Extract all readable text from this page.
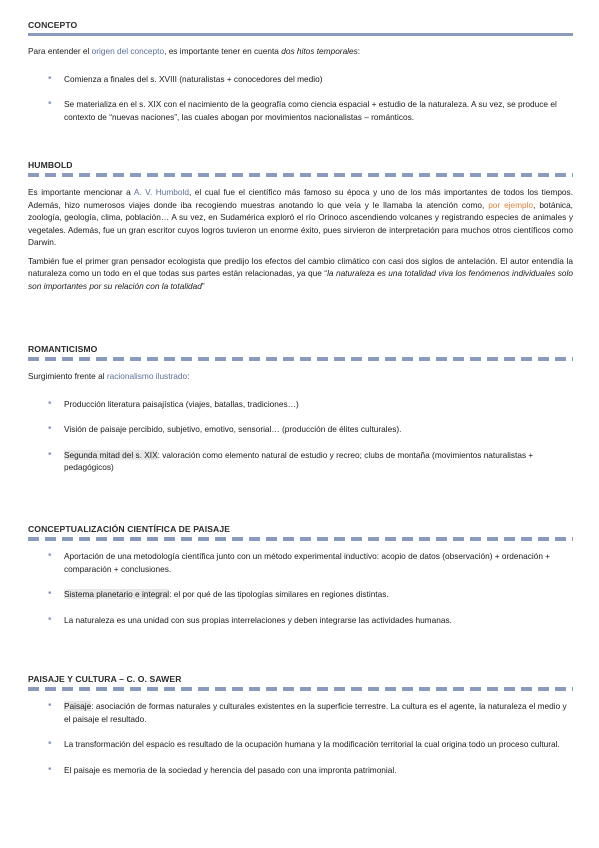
CONCEPTO

Para entender el origen del concepto, es importante tener en cuenta dos hitos temporales:

• Comienza a finales del s. XVIII (naturalistas + conocedores del medio)
• Se materializa en el s. XIX con el nacimiento de la geografía como ciencia espacial + estudio de la naturaleza. A su vez, se produce el contexto de “nuevas naciones”, las cuales abogan por movimientos nacionalistas – románticos.
HUMBOLD

Es importante mencionar a A. V. Humbold, el cual fue el científico más famoso su época y uno de los más importantes de todos los tiempos. Además, hizo numerosos viajes donde iba recogiendo muestras anotando lo que veía y le llamaba la atención como, por ejemplo, botánica, zoología, geología, clima, población… A su vez, en Sudamérica exploró el río Orinoco ascendiendo volcanes y registrando especies de animales y vegetales. Además, fue un gran escritor cuyos logros tuvieron un enorme éxito, pues sirvieron de interpretación para muchos otros científicos como Darwin.

También fue el primer gran pensador ecologista que predijo los efectos del cambio climático con casi dos siglos de antelación. El autor entendía la naturaleza como un todo en el que todas sus partes están relacionadas, ya que “la naturaleza es una totalidad viva los fenómenos individuales solo son importantes por su relación con la totalidad”

ROMANTICISMO

Surgimiento frente al racionalismo ilustrado:

• Producción literatura paisajística (viajes, batallas, tradiciones…)
• Visión de paisaje percibido, subjetivo, emotivo, sensorial… (producción de élites culturales).
• Segunda mitad del s. XIX: valoración como elemento natural de estudio y recreo; clubs de montaña (movimientos naturalistas + pedagógicos)
CONCEPTUALIZACIÓN CIENTÍFICA DE PAISAJE
• Aportación de una metodología científica junto con un método experimental inductivo: acopio de datos (observación) + ordenación + comparación + conclusiones.
• Sistema planetario e integral: el por qué de las tipologías similares en regiones distintas.
• La naturaleza es una unidad con sus propias interrelaciones y deben integrarse las actividades humanas.
PAISAJE Y CULTURA – C. O. SAWER
• Paisaje: asociación de formas naturales y culturales existentes en la superficie terrestre. La cultura es el agente, la naturaleza el medio y el paisaje el resultado.
• La transformación del espacio es resultado de la ocupación humana y la modificación territorial la cual origina todo un proceso cultural.
• El paisaje es memoria de la sociedad y herencia del pasado con una impronta patrimonial.
